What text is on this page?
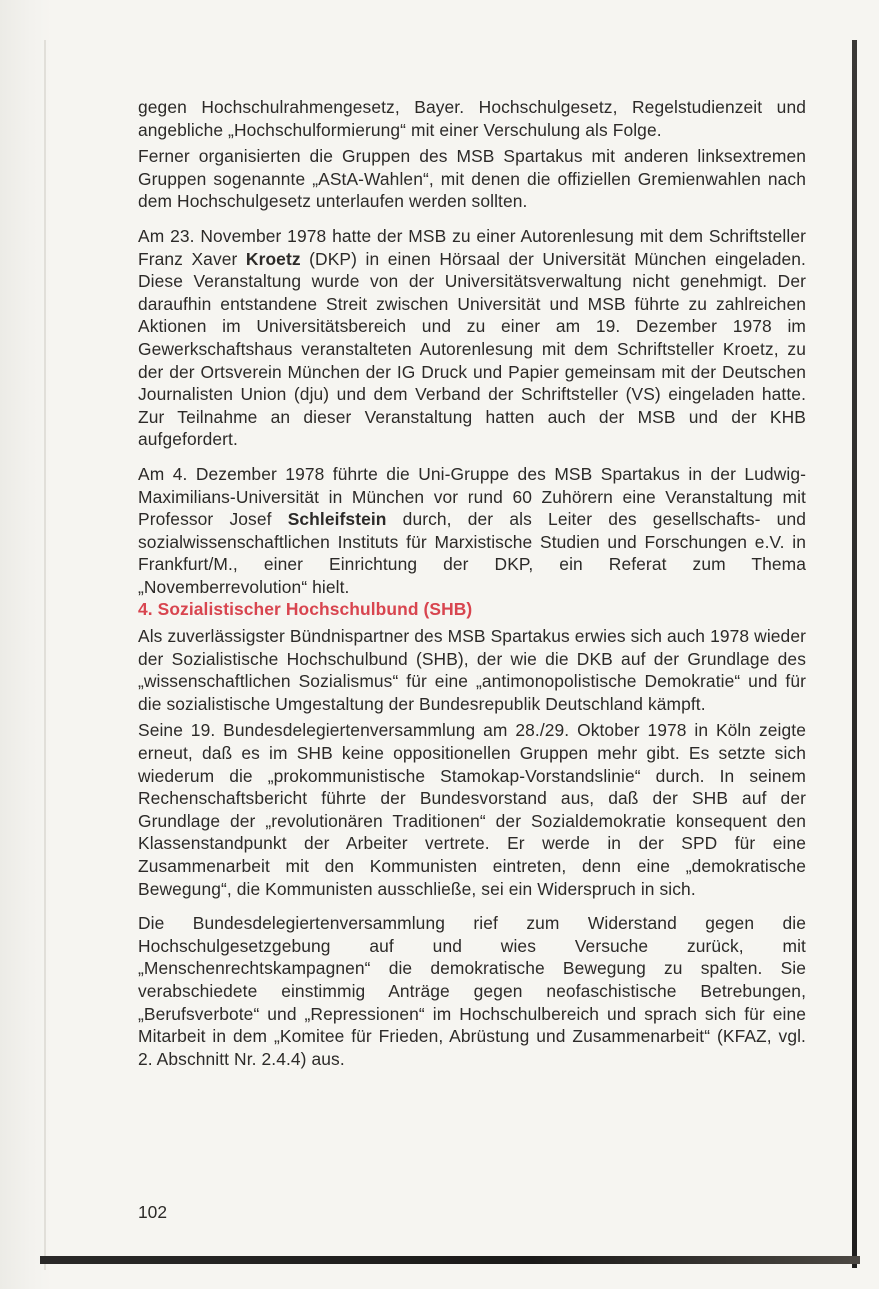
gegen Hochschulrahmengesetz, Bayer. Hochschulgesetz, Regelstudienzeit und angebliche „Hochschulformierung“ mit einer Verschulung als Folge.

Ferner organisierten die Gruppen des MSB Spartakus mit anderen linksextremen Gruppen sogenannte „AStA-Wahlen“, mit denen die offiziellen Gremienwahlen nach dem Hochschulgesetz unterlaufen werden sollten.

Am 23. November 1978 hatte der MSB zu einer Autorenlesung mit dem Schriftsteller Franz Xaver Kroetz (DKP) in einen Hörsaal der Universität München eingeladen. Diese Veranstaltung wurde von der Universitätsverwaltung nicht genehmigt. Der daraufhin entstandene Streit zwischen Universität und MSB führte zu zahlreichen Aktionen im Universitätsbereich und zu einer am 19. Dezember 1978 im Gewerkschaftshaus veranstalteten Autorenlesung mit dem Schriftsteller Kroetz, zu der der Ortsverein München der IG Druck und Papier gemeinsam mit der Deutschen Journalisten Union (dju) und dem Verband der Schriftsteller (VS) eingeladen hatte. Zur Teilnahme an dieser Veranstaltung hatten auch der MSB und der KHB aufgefordert.

Am 4. Dezember 1978 führte die Uni-Gruppe des MSB Spartakus in der Ludwig-Maximilians-Universität in München vor rund 60 Zuhörern eine Veranstaltung mit Professor Josef Schleifstein durch, der als Leiter des gesellschafts- und sozialwissenschaftlichen Instituts für Marxistische Studien und Forschungen e.V. in Frankfurt/M., einer Einrichtung der DKP, ein Referat zum Thema „Novemberrevolution“ hielt.

4. Sozialistischer Hochschulbund (SHB)

Als zuverlässigster Bündnispartner des MSB Spartakus erwies sich auch 1978 wieder der Sozialistische Hochschulbund (SHB), der wie die DKB auf der Grundlage des „wissenschaftlichen Sozialismus“ für eine „antimonopolistische Demokratie“ und für die sozialistische Umgestaltung der Bundesrepublik Deutschland kämpft.

Seine 19. Bundesdelegiertenversammlung am 28./29. Oktober 1978 in Köln zeigte erneut, daß es im SHB keine oppositionellen Gruppen mehr gibt. Es setzte sich wiederum die „prokommunistische Stamokap-Vorstandslinie“ durch. In seinem Rechenschaftsbericht führte der Bundesvorstand aus, daß der SHB auf der Grundlage der „revolutionären Traditionen“ der Sozialdemokratie konsequent den Klassenstandpunkt der Arbeiter vertrete. Er werde in der SPD für eine Zusammenarbeit mit den Kommunisten eintreten, denn eine „demokratische Bewegung“, die Kommunisten ausschließe, sei ein Widerspruch in sich.

Die Bundesdelegiertenversammlung rief zum Widerstand gegen die Hochschulgesetzgebung auf und wies Versuche zurück, mit „Menschenrechtskampagnen“ die demokratische Bewegung zu spalten. Sie verabschiedete einstimmig Anträge gegen neofaschistische Betrebungen, „Berufsverbote“ und „Repressionen“ im Hochschulbereich und sprach sich für eine Mitarbeit in dem „Komitee für Frieden, Abrüstung und Zusammenarbeit“ (KFAZ, vgl. 2. Abschnitt Nr. 2.4.4) aus.

102
